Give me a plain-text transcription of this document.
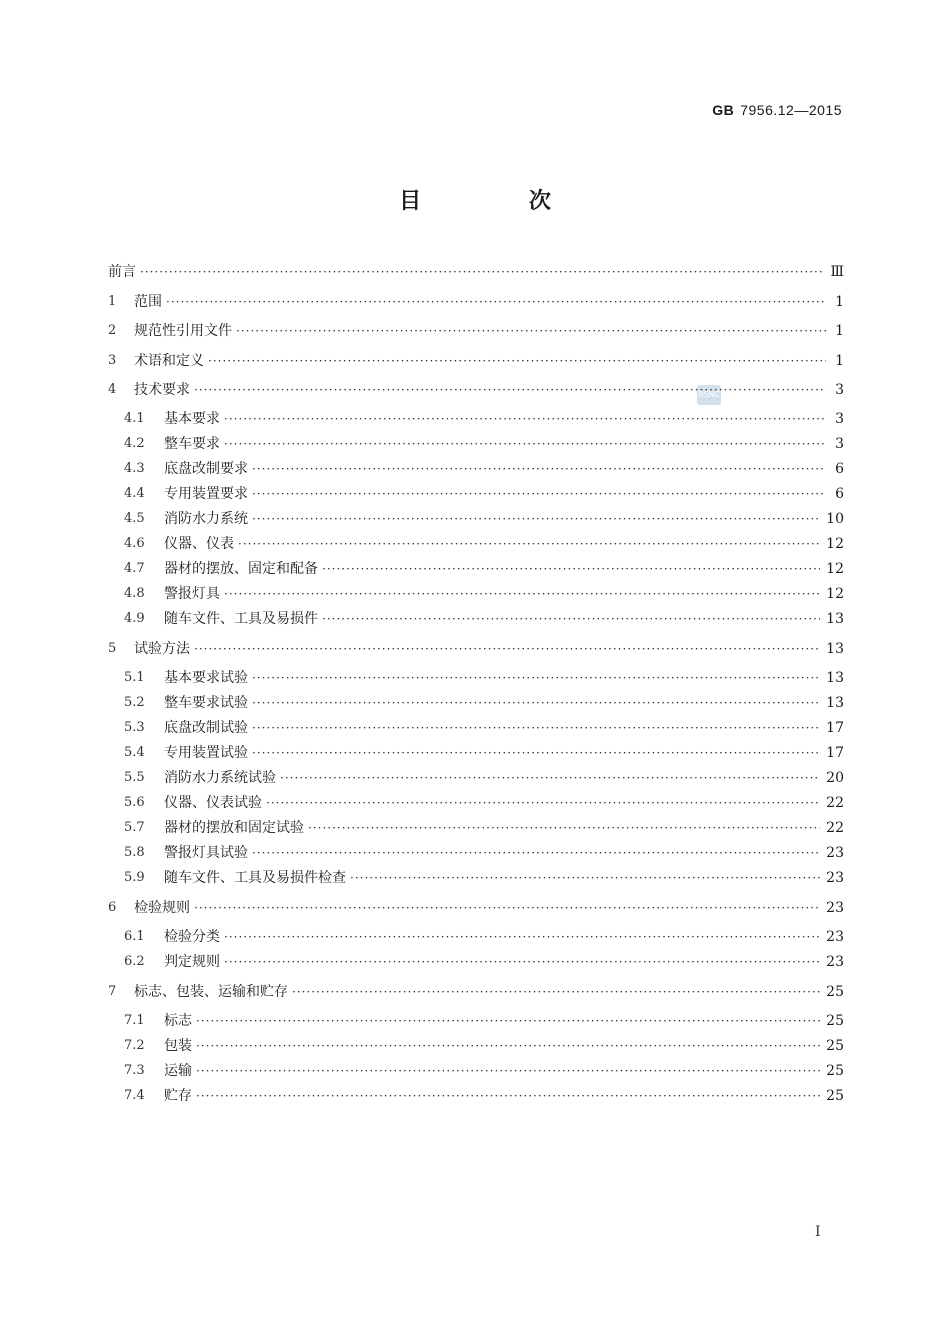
GB 7956.12—2015
目 次
BSNC
前言 ·····	Ⅲ
1	范围 ·····	1
2	规范性引用文件 ·····	1
3	术语和定义 ·····	1
4	技术要求 ·····	3
4.1	基本要求 ·····	3
4.2	整车要求 ·····	3
4.3	底盘改制要求 ·····	6
4.4	专用装置要求 ·····	6
4.5	消防水力系统 ·····	10
4.6	仪器、仪表 ·····	12
4.7	器材的摆放、固定和配备 ·····	12
4.8	警报灯具 ·····	12
4.9	随车文件、工具及易损件 ·····	13
5	试验方法 ·····	13
5.1	基本要求试验 ·····	13
5.2	整车要求试验 ·····	13
5.3	底盘改制试验 ·····	17
5.4	专用装置试验 ·····	17
5.5	消防水力系统试验 ·····	20
5.6	仪器、仪表试验 ·····	22
5.7	器材的摆放和固定试验 ·····	22
5.8	警报灯具试验 ·····	23
5.9	随车文件、工具及易损件检查 ·····	23
6	检验规则 ·····	23
6.1	检验分类 ·····	23
6.2	判定规则 ·····	23
7	标志、包装、运输和贮存 ·····	25
7.1	标志 ·····	25
7.2	包装 ·····	25
7.3	运输 ·····	25
7.4	贮存 ·····	25
I
